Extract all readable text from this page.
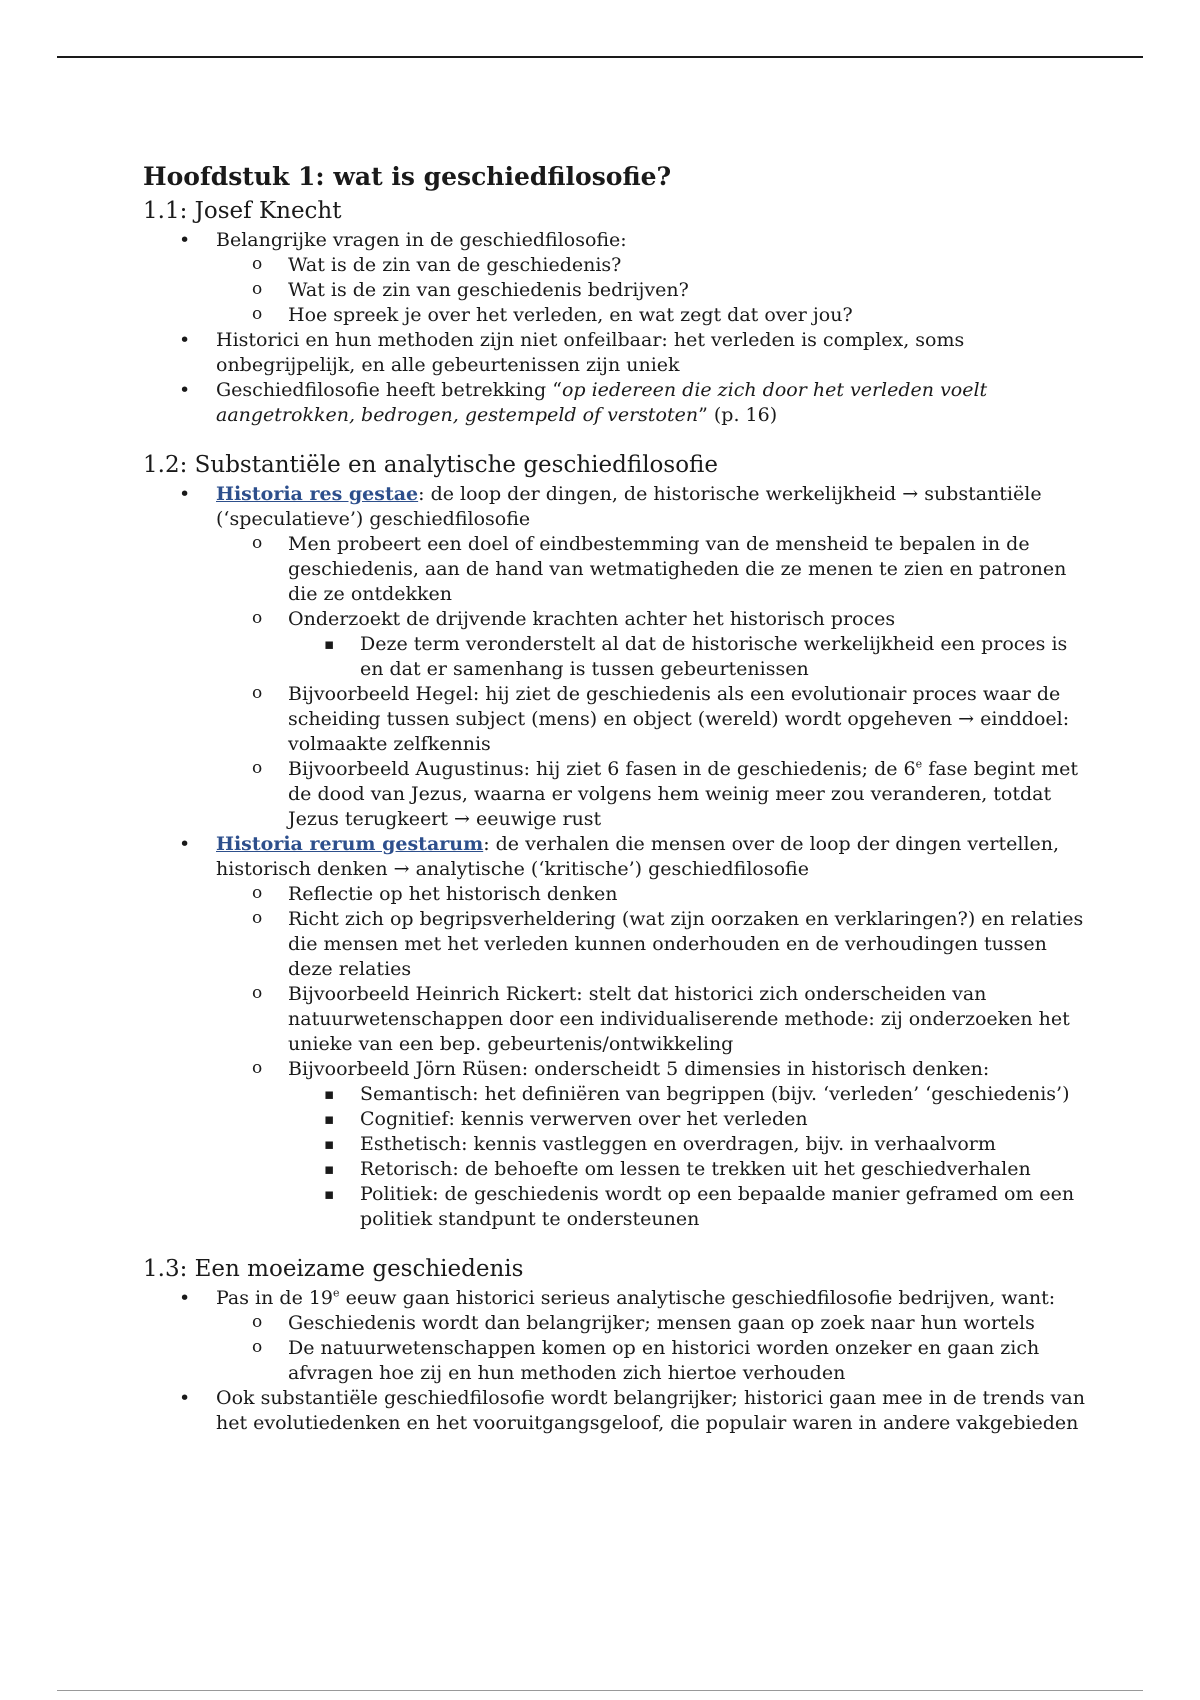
Hoofdstuk 1: wat is geschiedfilosofie?
1.1: Josef Knecht
• Belangrijke vragen in de geschiedfilosofie:
o Wat is de zin van de geschiedenis?
o Wat is de zin van geschiedenis bedrijven?
o Hoe spreek je over het verleden, en wat zegt dat over jou?
• Historici en hun methoden zijn niet onfeilbaar: het verleden is complex, soms onbegrijpelijk, en alle gebeurtenissen zijn uniek
• Geschiedfilosofie heeft betrekking “op iedereen die zich door het verleden voelt aangetrokken, bedrogen, gestempeld of verstoten” (p. 16)
1.2: Substantiële en analytische geschiedfilosofie
• Historia res gestae: de loop der dingen, de historische werkelijkheid → substantiële (‘speculatieve’) geschiedfilosofie
o Men probeert een doel of eindbestemming van de mensheid te bepalen in de geschiedenis, aan de hand van wetmatigheden die ze menen te zien en patronen die ze ontdekken
o Onderzoekt de drijvende krachten achter het historisch proces
▪ Deze term veronderstelt al dat de historische werkelijkheid een proces is en dat er samenhang is tussen gebeurtenissen
o Bijvoorbeeld Hegel: hij ziet de geschiedenis als een evolutionair proces waar de scheiding tussen subject (mens) en object (wereld) wordt opgeheven → einddoel: volmaakte zelfkennis
o Bijvoorbeeld Augustinus: hij ziet 6 fasen in de geschiedenis; de 6e fase begint met de dood van Jezus, waarna er volgens hem weinig meer zou veranderen, totdat Jezus terugkeert → eeuwige rust
• Historia rerum gestarum: de verhalen die mensen over de loop der dingen vertellen, historisch denken → analytische (‘kritische’) geschiedfilosofie
o Reflectie op het historisch denken
o Richt zich op begripsverheldering (wat zijn oorzaken en verklaringen?) en relaties die mensen met het verleden kunnen onderhouden en de verhoudingen tussen deze relaties
o Bijvoorbeeld Heinrich Rickert: stelt dat historici zich onderscheiden van natuurwetenschappen door een individualiserende methode: zij onderzoeken het unieke van een bep. gebeurtenis/ontwikkeling
o Bijvoorbeeld Jörn Rüsen: onderscheidt 5 dimensies in historisch denken:
▪ Semantisch: het definiëren van begrippen (bijv. ‘verleden’ ‘geschiedenis’)
▪ Cognitief: kennis verwerven over het verleden
▪ Esthetisch: kennis vastleggen en overdragen, bijv. in verhaalvorm
▪ Retorisch: de behoefte om lessen te trekken uit het geschiedverhalen
▪ Politiek: de geschiedenis wordt op een bepaalde manier geframed om een politiek standpunt te ondersteunen
1.3: Een moeizame geschiedenis
• Pas in de 19e eeuw gaan historici serieus analytische geschiedfilosofie bedrijven, want:
o Geschiedenis wordt dan belangrijker; mensen gaan op zoek naar hun wortels
o De natuurwetenschappen komen op en historici worden onzeker en gaan zich afvragen hoe zij en hun methoden zich hiertoe verhouden
• Ook substantiële geschiedfilosofie wordt belangrijker; historici gaan mee in de trends van het evolutiedenken en het vooruitgangsgeloof, die populair waren in andere vakgebieden
